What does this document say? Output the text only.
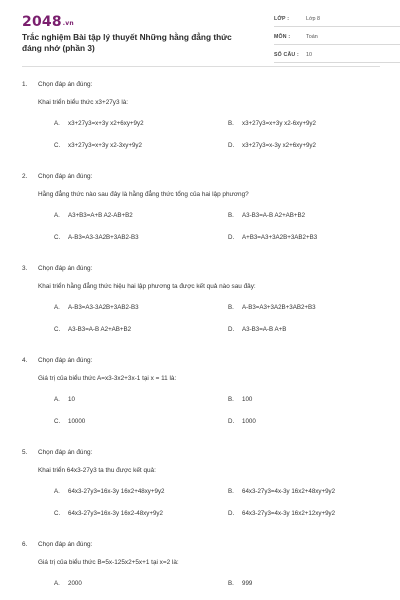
2048.vn
Trắc nghiệm Bài tập lý thuyết Những hằng đẳng thức đáng nhớ (phần 3)
LỚP :	Lớp 8
MÔN :	Toán
SỐ CÂU : 10
1. Chọn đáp án đúng:
Khai triển biểu thức x3+27y3 là:
A. x3+27y3=x+3y x2+6xy+9y2	B. x3+27y3=x+3y x2-6xy+9y2
C. x3+27y3=x+3y x2-3xy+9y2	D. x3+27y3=x-3y x2+6xy+9y2
2. Chọn đáp án đúng:
Hằng đẳng thức nào sau đây là hằng đẳng thức tổng của hai lập phương?
A. A3+B3=A+B A2-AB+B2	B. A3-B3=A-B A2+AB+B2
C. A-B3=A3-3A2B+3AB2-B3	D. A+B3=A3+3A2B+3AB2+B3
3. Chọn đáp án đúng:
Khai triển hằng đẳng thức hiệu hai lập phương ta được kết quả nào sau đây:
A. A-B3=A3-3A2B+3AB2-B3	B. A-B3=A3+3A2B+3AB2+B3
C. A3-B3=A-B A2+AB+B2	D. A3-B3=A-B A+B
4. Chọn đáp án đúng:
Giá trị của biểu thức A=x3-3x2+3x-1 tại x = 11 là:
A. 10	B. 100
C. 10000	D. 1000
5. Chọn đáp án đúng:
Khai triển 64x3-27y3 ta thu được kết quả:
A. 64x3-27y3=16x-3y 16x2+48xy+9y2	B. 64x3-27y3=4x-3y 16x2+48xy+9y2
C. 64x3-27y3=16x-3y 16x2-48xy+9y2	D. 64x3-27y3=4x-3y 16x2+12xy+9y2
6. Chọn đáp án đúng:
Giá trị của biểu thức B=5x-125x2+5x+1 tại x=2 là:
A. 2000	B. 999
